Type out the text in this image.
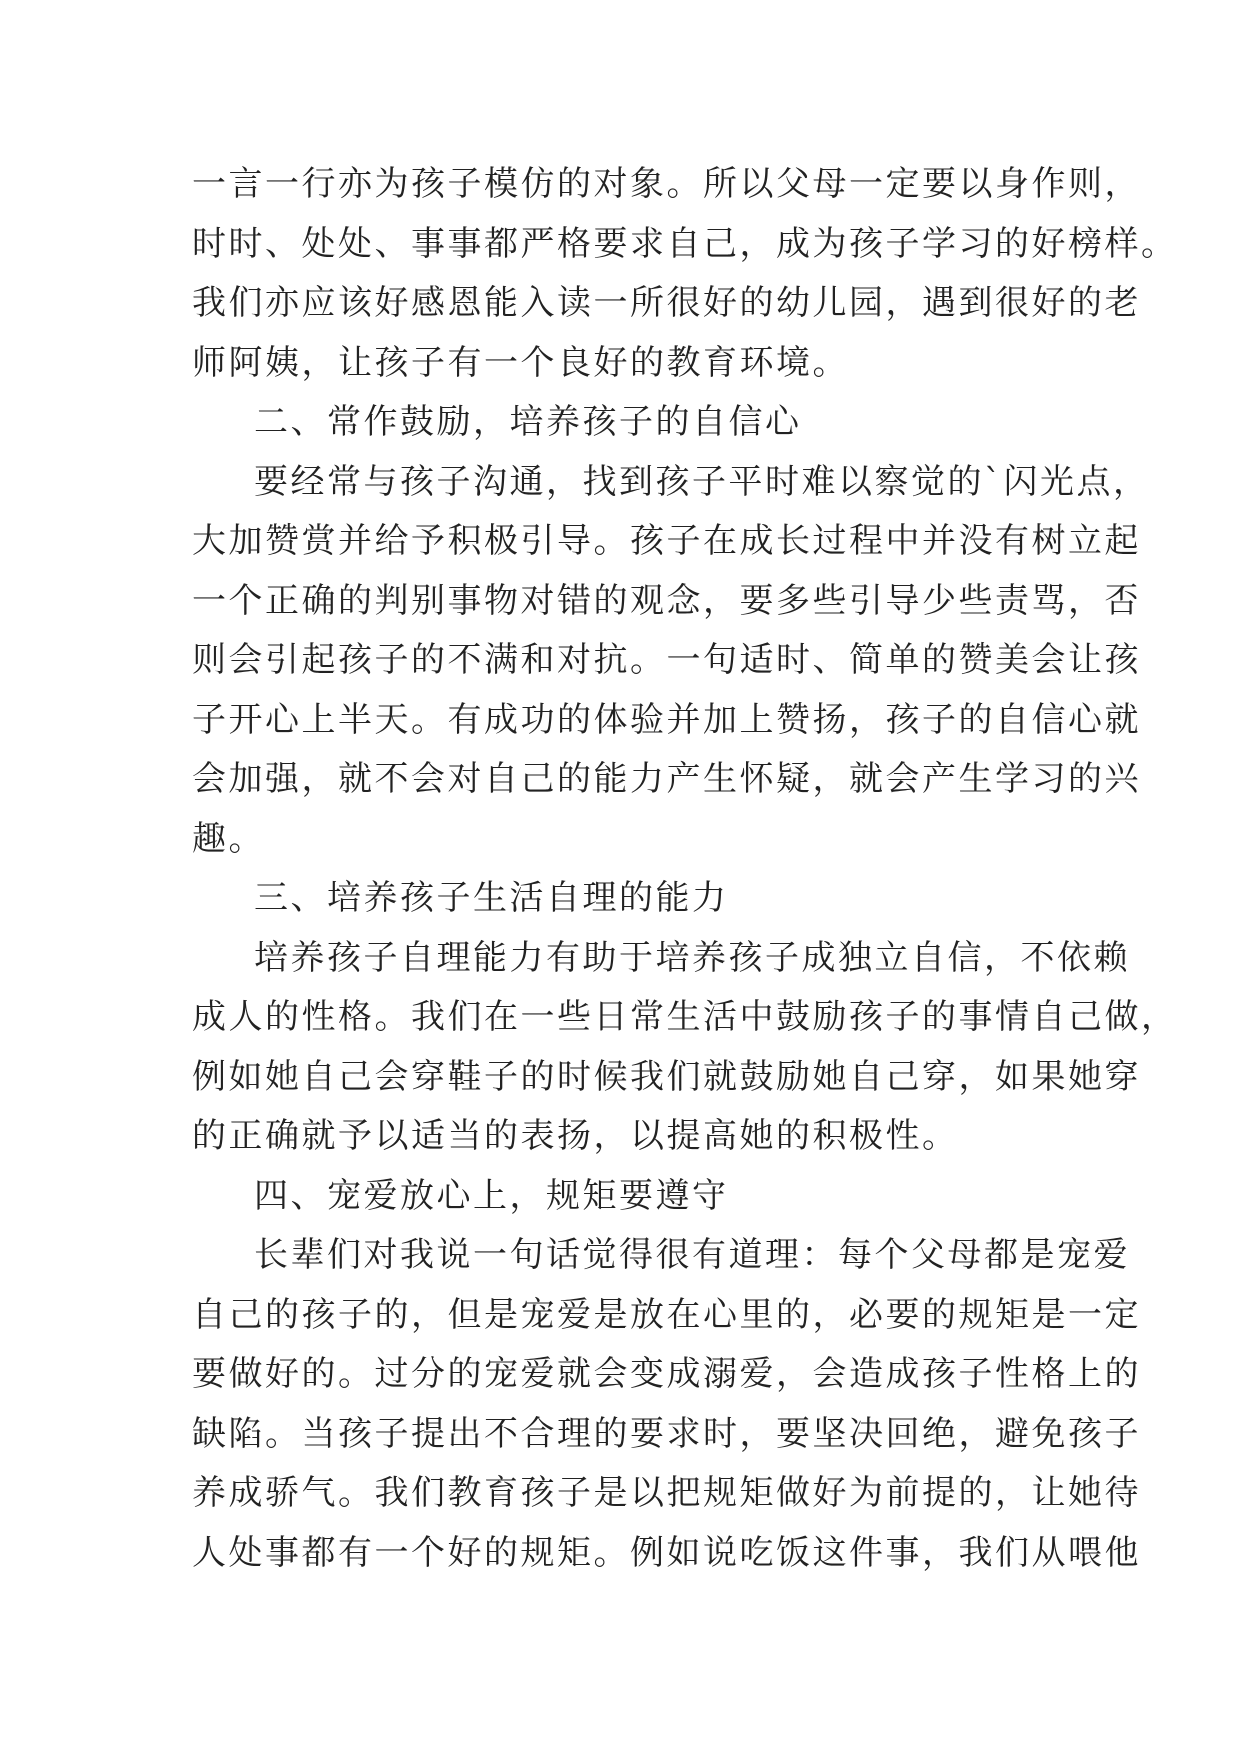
一言一行亦为孩子模仿的对象。所以父母一定要以身作则，
时时、处处、事事都严格要求自己，成为孩子学习的好榜样。
我们亦应该好感恩能入读一所很好的幼儿园，遇到很好的老
师阿姨，让孩子有一个良好的教育环境。
二、常作鼓励，培养孩子的自信心
要经常与孩子沟通，找到孩子平时难以察觉的`闪光点，
大加赞赏并给予积极引导。孩子在成长过程中并没有树立起
一个正确的判别事物对错的观念，要多些引导少些责骂，否
则会引起孩子的不满和对抗。一句适时、简单的赞美会让孩
子开心上半天。有成功的体验并加上赞扬，孩子的自信心就
会加强，就不会对自己的能力产生怀疑，就会产生学习的兴
趣。
三、培养孩子生活自理的能力
培养孩子自理能力有助于培养孩子成独立自信，不依赖
成人的性格。我们在一些日常生活中鼓励孩子的事情自己做，
例如她自己会穿鞋子的时候我们就鼓励她自己穿，如果她穿
的正确就予以适当的表扬，以提高她的积极性。
四、宠爱放心上，规矩要遵守
长辈们对我说一句话觉得很有道理：每个父母都是宠爱
自己的孩子的，但是宠爱是放在心里的，必要的规矩是一定
要做好的。过分的宠爱就会变成溺爱，会造成孩子性格上的
缺陷。当孩子提出不合理的要求时，要坚决回绝，避免孩子
养成骄气。我们教育孩子是以把规矩做好为前提的，让她待
人处事都有一个好的规矩。例如说吃饭这件事，我们从喂他
